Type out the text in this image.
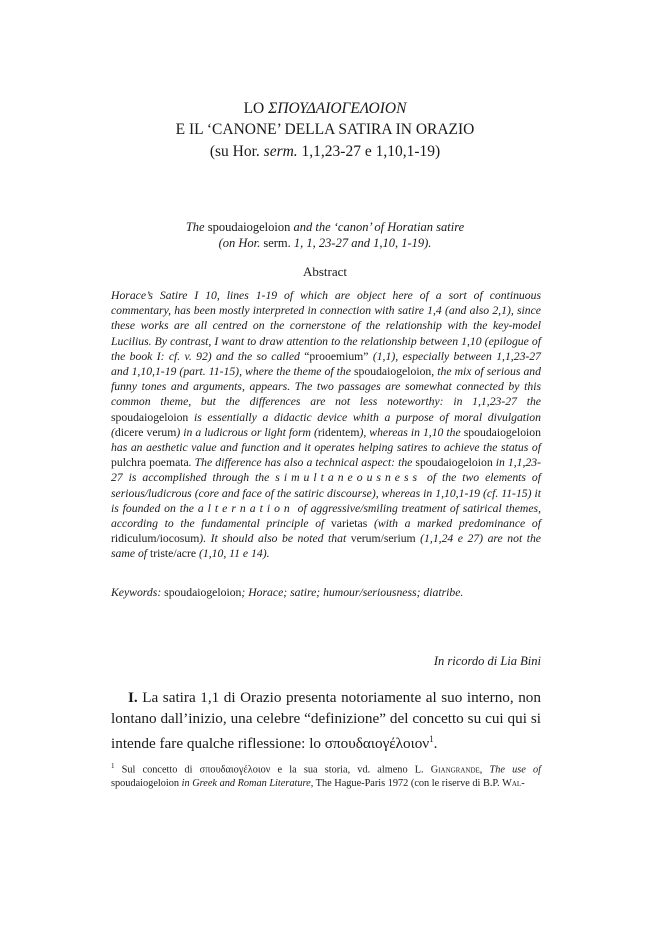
LO ΣΠΟΥΔΑΙΟΓΕΛΟΙΟΝ
E IL ‘CANONE’ DELLA SATIRA IN ORAZIO
(su Hor. serm. 1,1,23-27 e 1,10,1-19)
The spoudaiogeloion and the ‘canon’ of Horatian satire
(on Hor. serm. 1, 1, 23-27 and 1,10, 1-19).
Abstract

Horace’s Satire I 10, lines 1-19 of which are object here of a sort of continuous commentary, has been mostly interpreted in connection with satire 1,4 (and also 2,1), since these works are all centred on the cornerstone of the relationship with the key-model Lucilius. By contrast, I want to draw attention to the relationship between 1,10 (epilogue of the book I: cf. v. 92) and the so called “prooemium” (1,1), especially between 1,1,23-27 and 1,10,1-19 (part. 11-15), where the theme of the spoudaiogeloion, the mix of serious and funny tones and arguments, appears. The two passages are somewhat connected by this common theme, but the differences are not less noteworthy: in 1,1,23-27 the spoudaiogeloion is essentially a didactic device whith a purpose of moral divulgation (dicere verum) in a ludicrous or light form (ridentem), whereas in 1,10 the spoudaiogeloion has an aesthetic value and function and it operates helping satires to achieve the status of pulchra poemata. The difference has also a technical aspect: the spoudaiogeloion in 1,1,23-27 is accomplished through the simultaneousness of the two elements of serious/ludicrous (core and face of the satiric discourse), whereas in 1,10,1-19 (cf. 11-15) it is founded on the alternation of aggressive/smiling treatment of satirical themes, according to the fundamental principle of varietas (with a marked predominance of ridiculum/iocosum). It should also be noted that verum/serium (1,1,24 e 27) are not the same of triste/acre (1,10, 11 e 14).

Keywords: spoudaiogeloion; Horace; satire; humour/seriousness; diatribe.

In ricordo di Lia Bini

I. La satira 1,1 di Orazio presenta notoriamente al suo interno, non lontano dall’inizio, una celebre “definizione” del concetto su cui qui si intende fare qualche riflessione: lo σπουδαιογέλοιον$^1$.

$^1$ Sul concetto di σπουδαιογέλοιον e la sua storia, vd. almeno L. Giangrande, The use of spoudaiogeloion in Greek and Roman Literature, The Hague-Paris 1972 (con le riserve di B.P. Wal-
